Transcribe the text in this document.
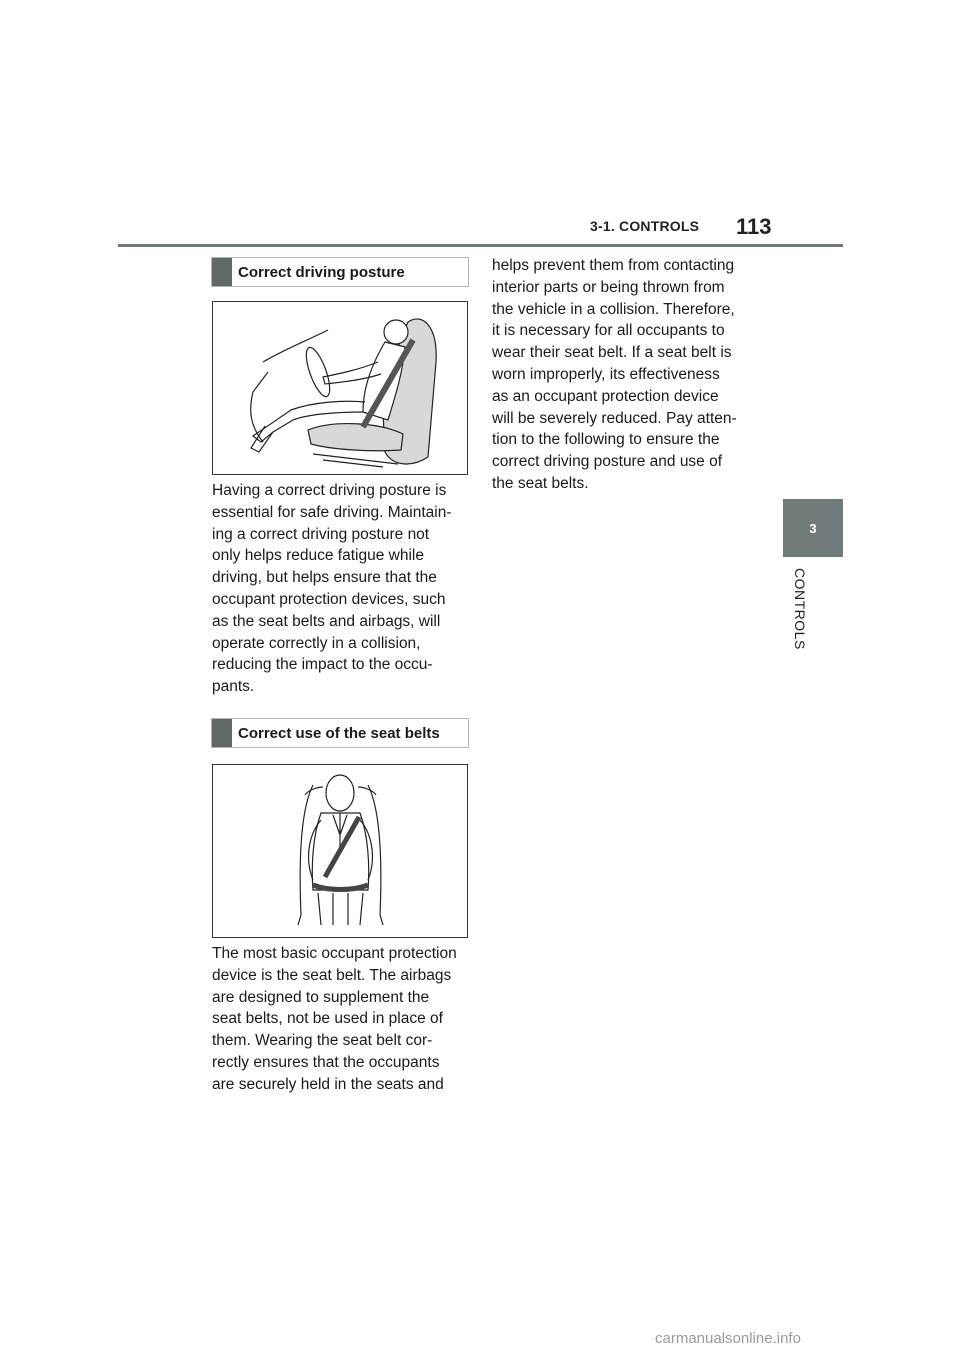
3-1. CONTROLS 113
3
CONTROLS
Correct driving posture
Having a correct driving posture is
essential for safe driving. Maintain-
ing a correct driving posture not
only helps reduce fatigue while
driving, but helps ensure that the
occupant protection devices, such
as the seat belts and airbags, will
operate correctly in a collision,
reducing the impact to the occu-
pants.
Correct use of the seat belts
The most basic occupant protection
device is the seat belt. The airbags
are designed to supplement the
seat belts, not be used in place of
them. Wearing the seat belt cor-
rectly ensures that the occupants
are securely held in the seats and
helps prevent them from contacting
interior parts or being thrown from
the vehicle in a collision. Therefore,
it is necessary for all occupants to
wear their seat belt. If a seat belt is
worn improperly, its effectiveness
as an occupant protection device
will be severely reduced. Pay atten-
tion to the following to ensure the
correct driving posture and use of
the seat belts.
carmanualsonline.info
